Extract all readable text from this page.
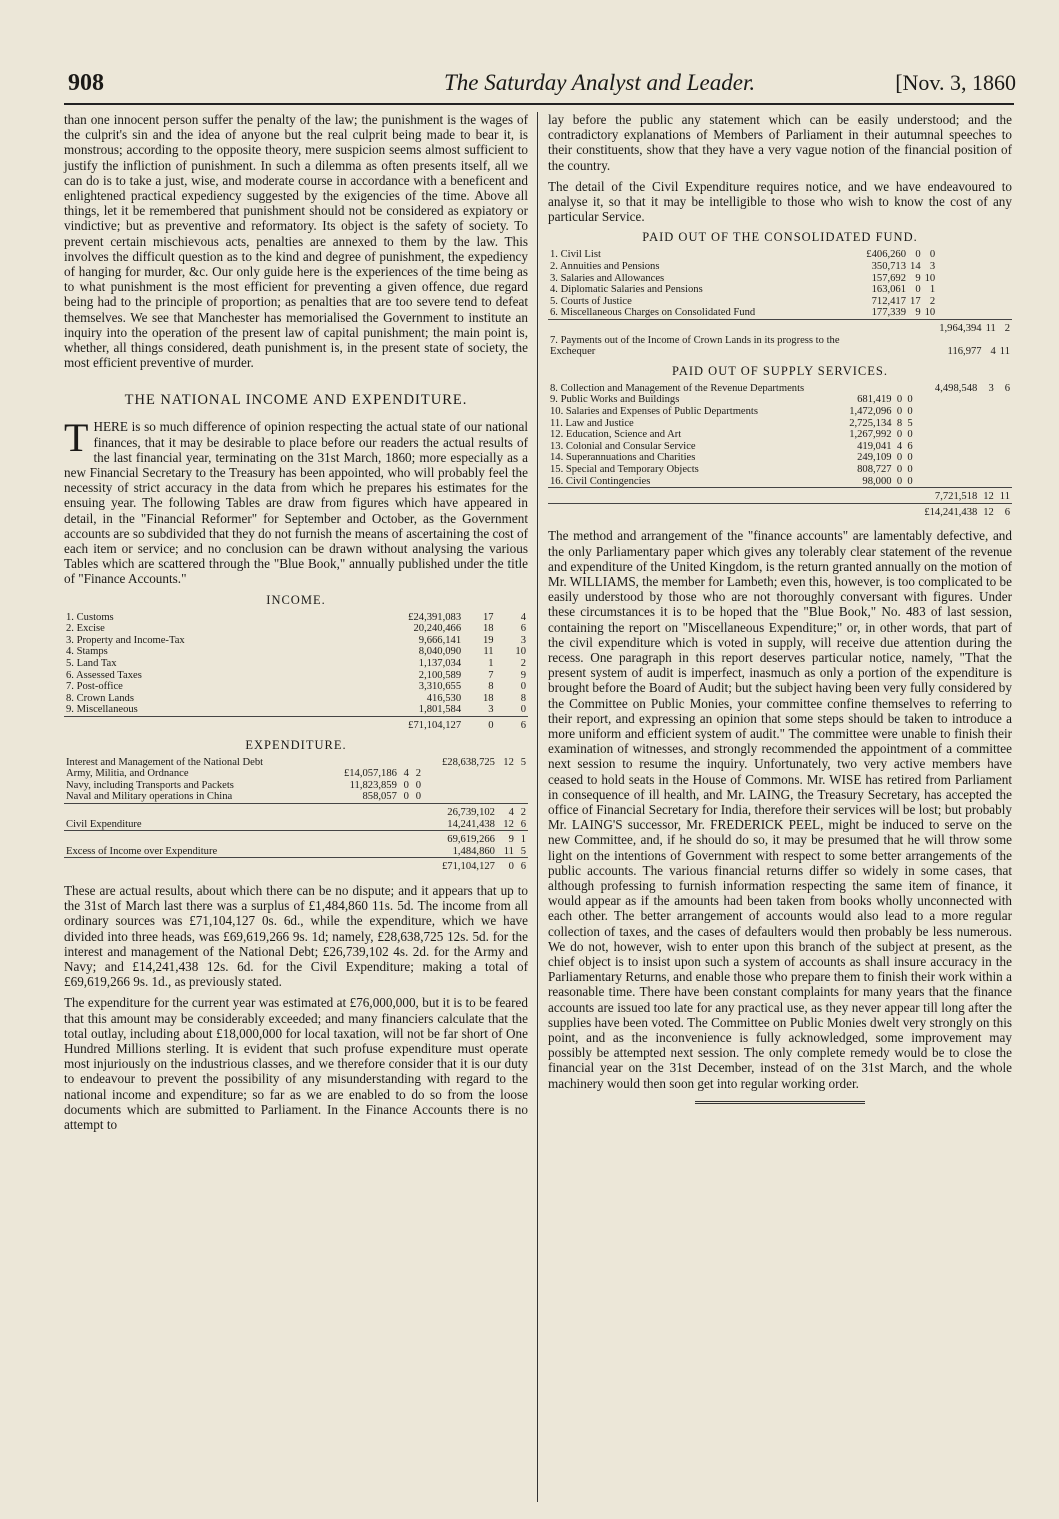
908	The Saturday Analyst and Leader.	[Nov. 3, 1860

than one innocent person suffer the penalty of the law; the punishment is the wages of the culprit's sin and the idea of anyone but the real culprit being made to bear it, is monstrous; according to the opposite theory, mere suspicion seems almost sufficient to justify the infliction of punishment. In such a dilemma as often presents itself, all we can do is to take a just, wise, and moderate course in accordance with a beneficent and enlightened practical expediency suggested by the exigencies of the time. Above all things, let it be remembered that punishment should not be considered as expiatory or vindictive; but as preventive and reformatory. Its object is the safety of society. To prevent certain mischievous acts, penalties are annexed to them by the law. This involves the difficult question as to the kind and degree of punishment, the expediency of hanging for murder, &c. Our only guide here is the experiences of the time being as to what punishment is the most efficient for preventing a given offence, due regard being had to the principle of proportion; as penalties that are too severe tend to defeat themselves. We see that Manchester has memorialised the Government to institute an inquiry into the operation of the present law of capital punishment; the main point is, whether, all things considered, death punishment is, in the present state of society, the most efficient preventive of murder.

THE NATIONAL INCOME AND EXPENDITURE.

THERE is so much difference of opinion respecting the actual state of our national finances, that it may be desirable to place before our readers the actual results of the last financial year, terminating on the 31st March, 1860; more especially as a new Financial Secretary to the Treasury has been appointed, who will probably feel the necessity of strict accuracy in the data from which he prepares his estimates for the ensuing year. The following Tables are draw from figures which have appeared in detail, in the "Financial Reformer" for September and October, as the Government accounts are so subdivided that they do not furnish the means of ascertaining the cost of each item or service; and no conclusion can be drawn without analysing the various Tables which are scattered through the "Blue Book," annually published under the title of "Finance Accounts."

INCOME.
1. Customs	£24,391,083	17	4
2. Excise	20,240,466	18	6
3. Property and Income-Tax	9,666,141	19	3
4. Stamps	8,040,090	11	10
5. Land Tax	1,137,034	1	2
6. Assessed Taxes	2,100,589	7	9
7. Post-office	3,310,655	8	0
8. Crown Lands	416,530	18	8
9. Miscellaneous	1,801,584	3	0
	£71,104,127	0	6
EXPENDITURE.
Interest and Management of the National Debt				£28,638,725	12	5
Army, Militia, and Ordnance	£14,057,186	4	2			
Navy, including Transports and Packets	11,823,859	0	0			
Naval and Military operations in China	858,057	0	0			
				26,739,102	4	2
Civil Expenditure				14,241,438	12	6
				69,619,266	9	1
Excess of Income over Expenditure				1,484,860	11	5
				£71,104,127	0	6

These are actual results, about which there can be no dispute; and it appears that up to the 31st of March last there was a surplus of £1,484,860 11s. 5d. The income from all ordinary sources was £71,104,127 0s. 6d., while the expenditure, which we have divided into three heads, was £69,619,266 9s. 1d; namely, £28,638,725 12s. 5d. for the interest and management of the National Debt; £26,739,102 4s. 2d. for the Army and Navy; and £14,241,438 12s. 6d. for the Civil Expenditure; making a total of £69,619,266 9s. 1d., as previously stated.

The expenditure for the current year was estimated at £76,000,000, but it is to be feared that this amount may be considerably exceeded; and many financiers calculate that the total outlay, including about £18,000,000 for local taxation, will not be far short of One Hundred Millions sterling. It is evident that such profuse expenditure must operate most injuriously on the industrious classes, and we therefore consider that it is our duty to endeavour to prevent the possibility of any misunderstanding with regard to the national income and expenditure; so far as we are enabled to do so from the loose documents which are submitted to Parliament. In the Finance Accounts there is no attempt to

lay before the public any statement which can be easily understood; and the contradictory explanations of Members of Parliament in their autumnal speeches to their constituents, show that they have a very vague notion of the financial position of the country.

The detail of the Civil Expenditure requires notice, and we have endeavoured to analyse it, so that it may be intelligible to those who wish to know the cost of any particular Service.

PAID OUT OF THE CONSOLIDATED FUND.
1. Civil List	£406,260	0	0			
2. Annuities and Pensions	350,713	14	3			
3. Salaries and Allowances	157,692	9	10			
4. Diplomatic Salaries and Pensions	163,061	0	1			
5. Courts of Justice	712,417	17	2			
6. Miscellaneous Charges on Consolidated Fund	177,339	9	10			
				1,964,394	11	2
7. Payments out of the Income of Crown Lands in its progress to the Exchequer				116,977	4	11
PAID OUT OF SUPPLY SERVICES.
8. Collection and Management of the Revenue Departments				4,498,548	3	6
9. Public Works and Buildings	681,419	0	0			
10. Salaries and Expenses of Public Departments	1,472,096	0	0			
11. Law and Justice	2,725,134	8	5			
12. Education, Science and Art	1,267,992	0	0			
13. Colonial and Consular Service	419,041	4	6			
14. Superannuations and Charities	249,109	0	0			
15. Special and Temporary Objects	808,727	0	0			
16. Civil Contingencies	98,000	0	0			
				7,721,518	12	11
				£14,241,438	12	6

The method and arrangement of the "finance accounts" are lamentably defective, and the only Parliamentary paper which gives any tolerably clear statement of the revenue and expenditure of the United Kingdom, is the return granted annually on the motion of Mr. WILLIAMS, the member for Lambeth; even this, however, is too complicated to be easily understood by those who are not thoroughly conversant with figures. Under these circumstances it is to be hoped that the "Blue Book," No. 483 of last session, containing the report on "Miscellaneous Expenditure;" or, in other words, that part of the civil expenditure which is voted in supply, will receive due attention during the recess. One paragraph in this report deserves particular notice, namely, "That the present system of audit is imperfect, inasmuch as only a portion of the expenditure is brought before the Board of Audit; but the subject having been very fully considered by the Committee on Public Monies, your committee confine themselves to referring to their report, and expressing an opinion that some steps should be taken to introduce a more uniform and efficient system of audit." The committee were unable to finish their examination of witnesses, and strongly recommended the appointment of a committee next session to resume the inquiry. Unfortunately, two very active members have ceased to hold seats in the House of Commons. Mr. WISE has retired from Parliament in consequence of ill health, and Mr. LAING, the Treasury Secretary, has accepted the office of Financial Secretary for India, therefore their services will be lost; but probably Mr. LAING'S successor, Mr. FREDERICK PEEL, might be induced to serve on the new Committee, and, if he should do so, it may be presumed that he will throw some light on the intentions of Government with respect to some better arrangements of the public accounts. The various financial returns differ so widely in some cases, that although professing to furnish information respecting the same item of finance, it would appear as if the amounts had been taken from books wholly unconnected with each other. The better arrangement of accounts would also lead to a more regular collection of taxes, and the cases of defaulters would then probably be less numerous. We do not, however, wish to enter upon this branch of the subject at present, as the chief object is to insist upon such a system of accounts as shall insure accuracy in the Parliamentary Returns, and enable those who prepare them to finish their work within a reasonable time. There have been constant complaints for many years that the finance accounts are issued too late for any practical use, as they never appear till long after the supplies have been voted. The Committee on Public Monies dwelt very strongly on this point, and as the inconvenience is fully acknowledged, some improvement may possibly be attempted next session. The only complete remedy would be to close the financial year on the 31st December, instead of on the 31st March, and the whole machinery would then soon get into regular working order.
